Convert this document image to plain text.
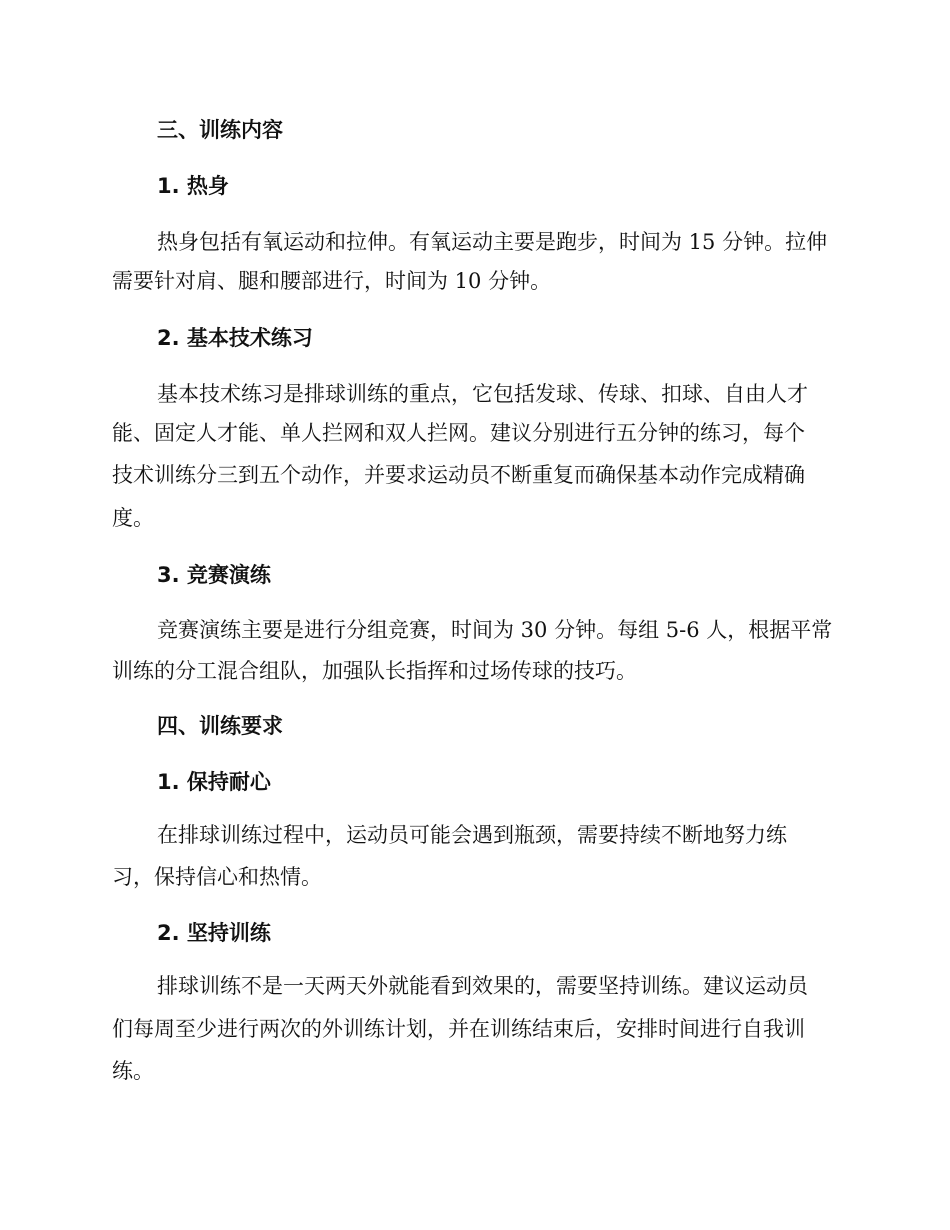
三、训练内容
1. 热身
热身包括有氧运动和拉伸。有氧运动主要是跑步，时间为 15 分钟。拉伸
需要针对肩、腿和腰部进行，时间为 10 分钟。
2. 基本技术练习
基本技术练习是排球训练的重点，它包括发球、传球、扣球、自由人才
能、固定人才能、单人拦网和双人拦网。建议分别进行五分钟的练习，每个
技术训练分三到五个动作，并要求运动员不断重复而确保基本动作完成精确
度。
3. 竞赛演练
竞赛演练主要是进行分组竞赛，时间为 30 分钟。每组 5-6 人，根据平常
训练的分工混合组队，加强队长指挥和过场传球的技巧。
四、训练要求
1. 保持耐心
在排球训练过程中，运动员可能会遇到瓶颈，需要持续不断地努力练
习，保持信心和热情。
2. 坚持训练
排球训练不是一天两天外就能看到效果的，需要坚持训练。建议运动员
们每周至少进行两次的外训练计划，并在训练结束后，安排时间进行自我训
练。
